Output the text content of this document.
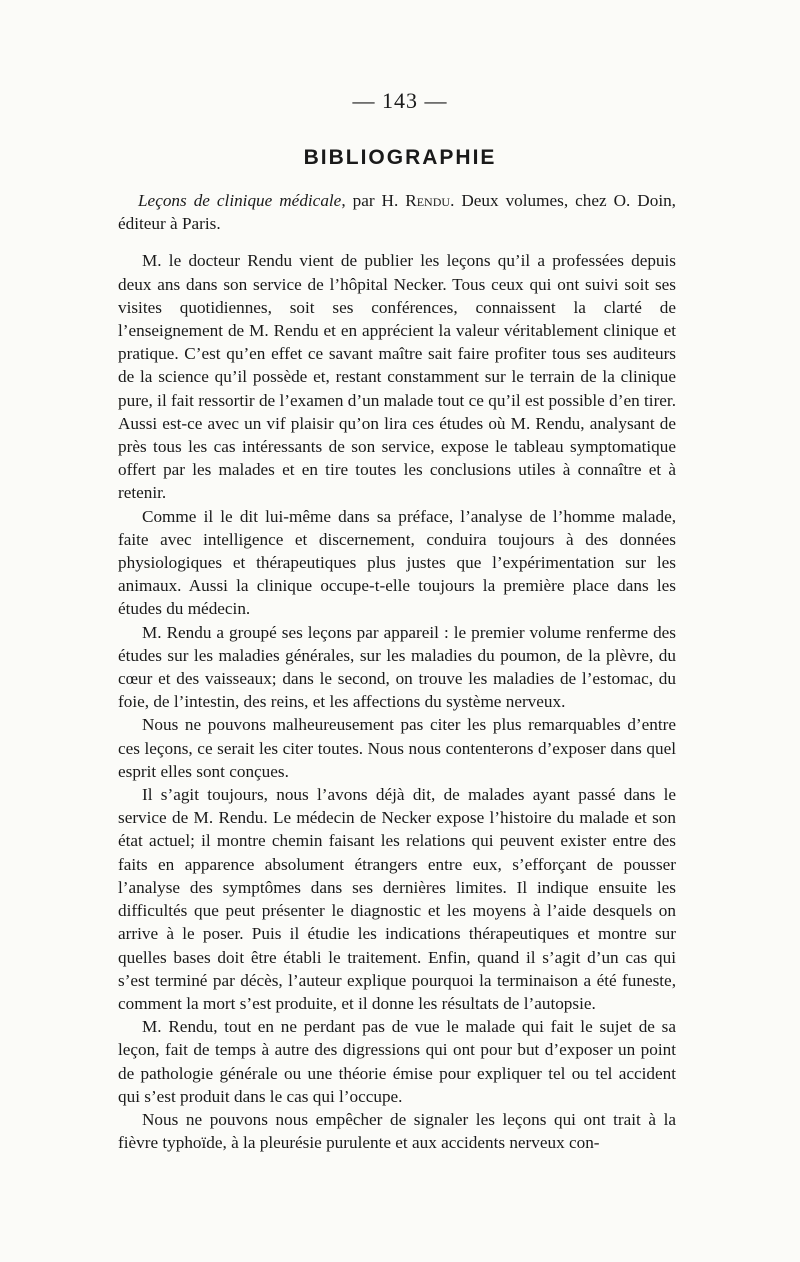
— 143 —
BIBLIOGRAPHIE

Leçons de clinique médicale, par H. Rendu. Deux volumes, chez O. Doin, éditeur à Paris.

M. le docteur Rendu vient de publier les leçons qu’il a professées depuis deux ans dans son service de l’hôpital Necker. Tous ceux qui ont suivi soit ses visites quotidiennes, soit ses conférences, connaissent la clarté de l’enseignement de M. Rendu et en apprécient la valeur véritablement clinique et pratique. C’est qu’en effet ce savant maître sait faire profiter tous ses auditeurs de la science qu’il possède et, restant constamment sur le terrain de la clinique pure, il fait ressortir de l’examen d’un malade tout ce qu’il est possible d’en tirer. Aussi est-ce avec un vif plaisir qu’on lira ces études où M. Rendu, analysant de près tous les cas intéressants de son service, expose le tableau symptomatique offert par les malades et en tire toutes les conclusions utiles à connaître et à retenir.

Comme il le dit lui-même dans sa préface, l’analyse de l’homme malade, faite avec intelligence et discernement, conduira toujours à des données physiologiques et thérapeutiques plus justes que l’expérimentation sur les animaux. Aussi la clinique occupe-t-elle toujours la première place dans les études du médecin.

M. Rendu a groupé ses leçons par appareil : le premier volume renferme des études sur les maladies générales, sur les maladies du poumon, de la plèvre, du cœur et des vaisseaux; dans le second, on trouve les maladies de l’estomac, du foie, de l’intestin, des reins, et les affections du système nerveux.

Nous ne pouvons malheureusement pas citer les plus remarquables d’entre ces leçons, ce serait les citer toutes. Nous nous contenterons d’exposer dans quel esprit elles sont conçues.

Il s’agit toujours, nous l’avons déjà dit, de malades ayant passé dans le service de M. Rendu. Le médecin de Necker expose l’histoire du malade et son état actuel; il montre chemin faisant les relations qui peuvent exister entre des faits en apparence absolument étrangers entre eux, s’efforçant de pousser l’analyse des symptômes dans ses dernières limites. Il indique ensuite les difficultés que peut présenter le diagnostic et les moyens à l’aide desquels on arrive à le poser. Puis il étudie les indications thérapeutiques et montre sur quelles bases doit être établi le traitement. Enfin, quand il s’agit d’un cas qui s’est terminé par décès, l’auteur explique pourquoi la terminaison a été funeste, comment la mort s’est produite, et il donne les résultats de l’autopsie.

M. Rendu, tout en ne perdant pas de vue le malade qui fait le sujet de sa leçon, fait de temps à autre des digressions qui ont pour but d’exposer un point de pathologie générale ou une théorie émise pour expliquer tel ou tel accident qui s’est produit dans le cas qui l’occupe.

Nous ne pouvons nous empêcher de signaler les leçons qui ont trait à la fièvre typhoïde, à la pleurésie purulente et aux accidents nerveux con-
